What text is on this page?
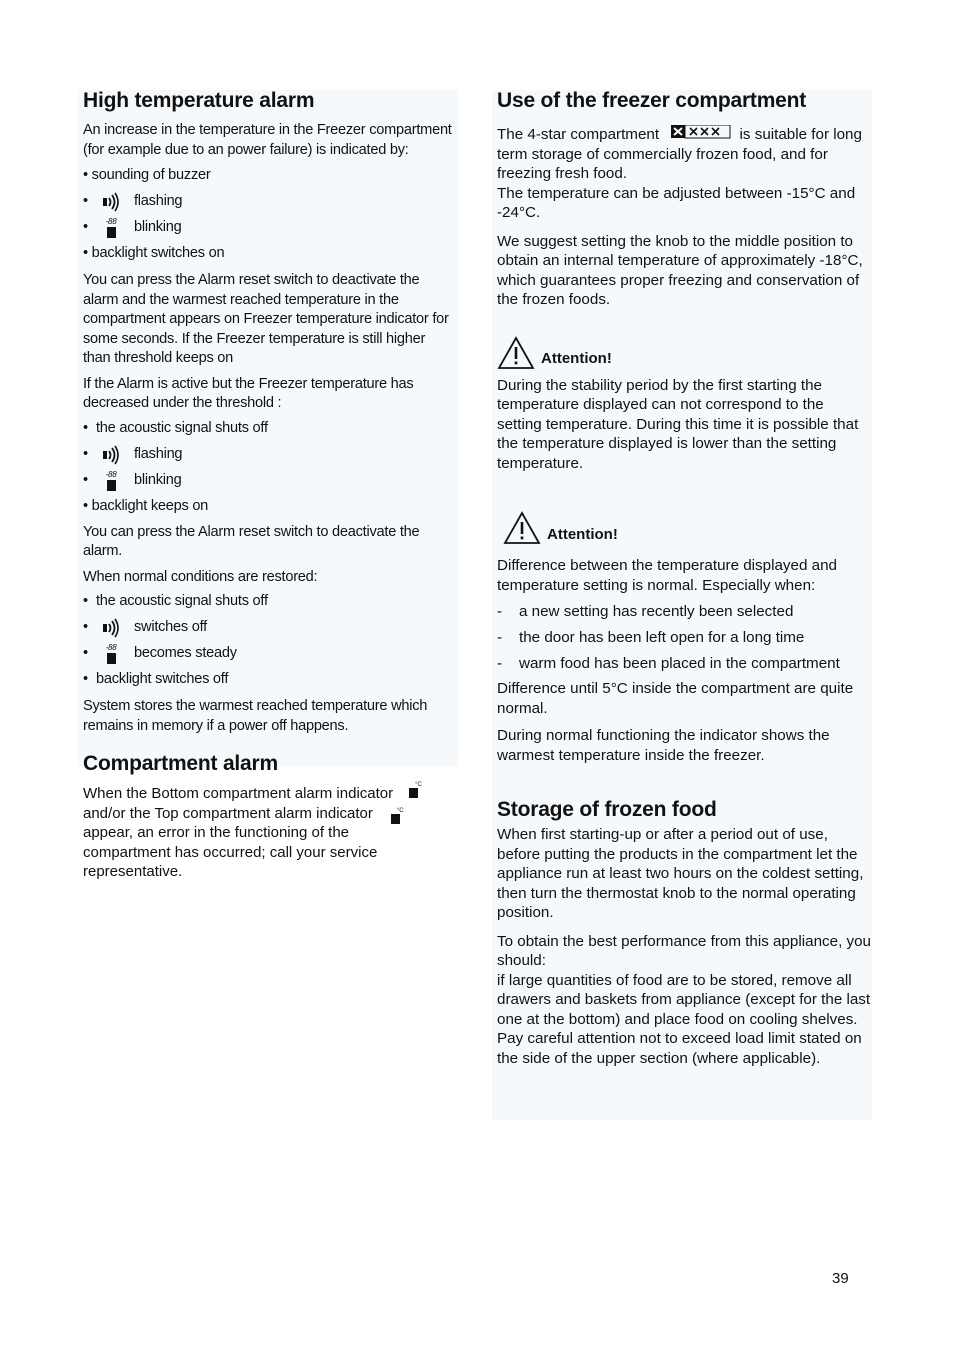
High temperature alarm

An increase in the temperature in the Freezer compartment (for example due to an power failure) is indicated by:

• sounding of buzzer
•	flashing
•	-88 blinking
• backlight switches on

You can press the Alarm reset switch to deactivate the alarm and the warmest reached temperature in the compartment appears on Freezer temperature indicator for some seconds. If the Freezer temperature is still higher than threshold keeps on

If the Alarm is active but the Freezer temperature has decreased under the threshold :

• the acoustic signal shuts off
•	flashing
•	-88 blinking
• backlight keeps on

You can press the Alarm reset switch to deactivate the alarm.

When normal conditions are restored:

• the acoustic signal shuts off
•	switches off
•	-88 becomes steady
• backlight switches off

System stores the warmest reached temperature which remains in memory if a power off happens.

Compartment alarm
When the Bottom compartment alarm indicator
°C
and/or the Top compartment alarm indicator	°C

appear, an error in the functioning of the compartment has occurred; call your service representative.

Use of the freezer compartment

The 4-star compartment	is suitable for long term storage of commercially frozen food, and for freezing fresh food.
The temperature can be adjusted between -15°C and -24°C.

We suggest setting the knob to the middle position to obtain an internal temperature of approximately -18°C, which guarantees proper freezing and conservation of the frozen foods.

Attention!

During the stability period by the first starting the temperature displayed can not correspond to the setting temperature. During this time it is possible that the temperature displayed is lower than the setting temperature.

Attention!

Difference between the temperature displayed and temperature setting is normal. Especially when:

-	a new setting has recently been selected
-	the door has been left open for a long time
-	warm food has been placed in the compartment

Difference until 5°C inside the compartment are quite normal.

During normal functioning the indicator shows the warmest temperature inside the freezer.

Storage of frozen food

When first starting-up or after a period out of use, before putting the products in the compartment let the appliance run at least two hours on the coldest setting, then turn the thermostat knob to the normal operating position.

To obtain the best performance from this appliance, you should:
if large quantities of food are to be stored, remove all drawers and baskets from appliance (except for the last one at the bottom) and place food on cooling shelves.
Pay careful attention not to exceed load limit stated on the side of the upper section (where applicable).

39
